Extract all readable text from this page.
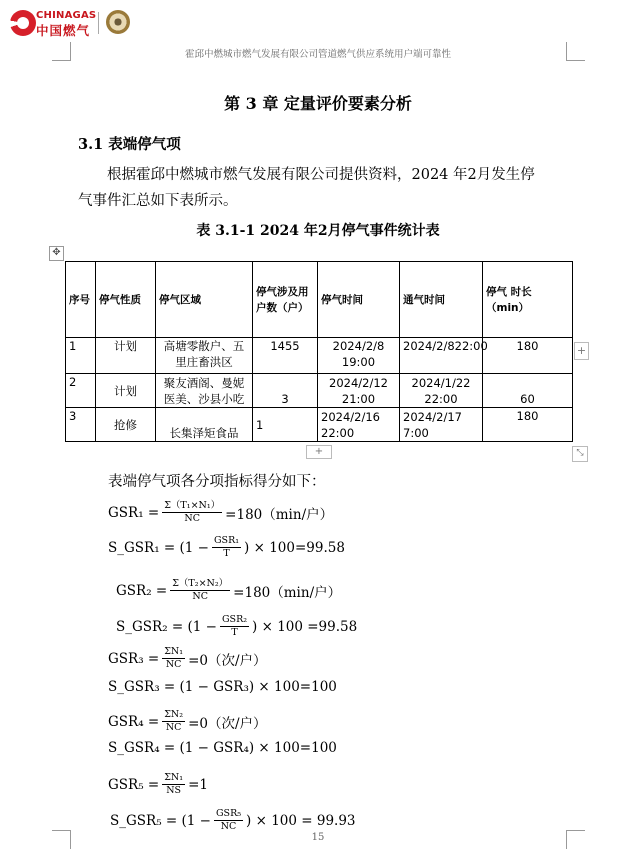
CHINAGAS
中国燃气
霍邱中燃城市燃气发展有限公司管道燃气供应系统用户端可靠性
第 3 章 定量评价要素分析
3.1 表端停气项
根据霍邱中燃城市燃气发展有限公司提供资料，2024 年2月发生停气事件汇总如下表所示。
表 3.1-1 2024 年2月停气事件统计表
✥
序号	停气性质	停气区域	停气涉及用户数（户）	停气时间	通气时间	停气 时长（min）
1	计划	高塘零散户、五里庄畜洪区	1455	2024/2/8 19:00	2024/2/822:00	180
2	计划	聚友酒阁、曼妮医美、沙县小吃	3	2024/2/12 21:00	2024/1/22 22:00	60
3	抢修	长集泽矩食品	1	2024/2/16 22:00	2024/2/17 7:00	180
+
+	⤡
表端停气项各分项指标得分如下：
$GSR_1 = \frac{\text{Σ（T₁×N₁）}}{NC} =180(\min/$户）
S_GSR₁ = ($1 - \frac{\text{GSR₁}}{T}$ ) × 100=99.58
$GSR_2 = \frac{\text{Σ（T₂×N₂）}}{NC} =180(\min/$户）
S_GSR₂ = ($1 - \frac{\text{GSR₂}}{T}$ ) × 100 =99.58
$GSR_3 = \frac{\text{ΣN₁}}{NC} =0$（次/户）
S_GSR₃ = (1 − GSR₃) × 100=100
$GSR_4 = \frac{\text{ΣN₂}}{NC} =0$（次/户）
S_GSR₄ = (1 − GSR₄) × 100=100
$GSR_5 = \frac{\text{ΣN₁}}{NS} =1$
S_GSR₅ = ($1 - \frac{\text{GSR₅}}{NC}$ ) × 100 = 99.93
15
